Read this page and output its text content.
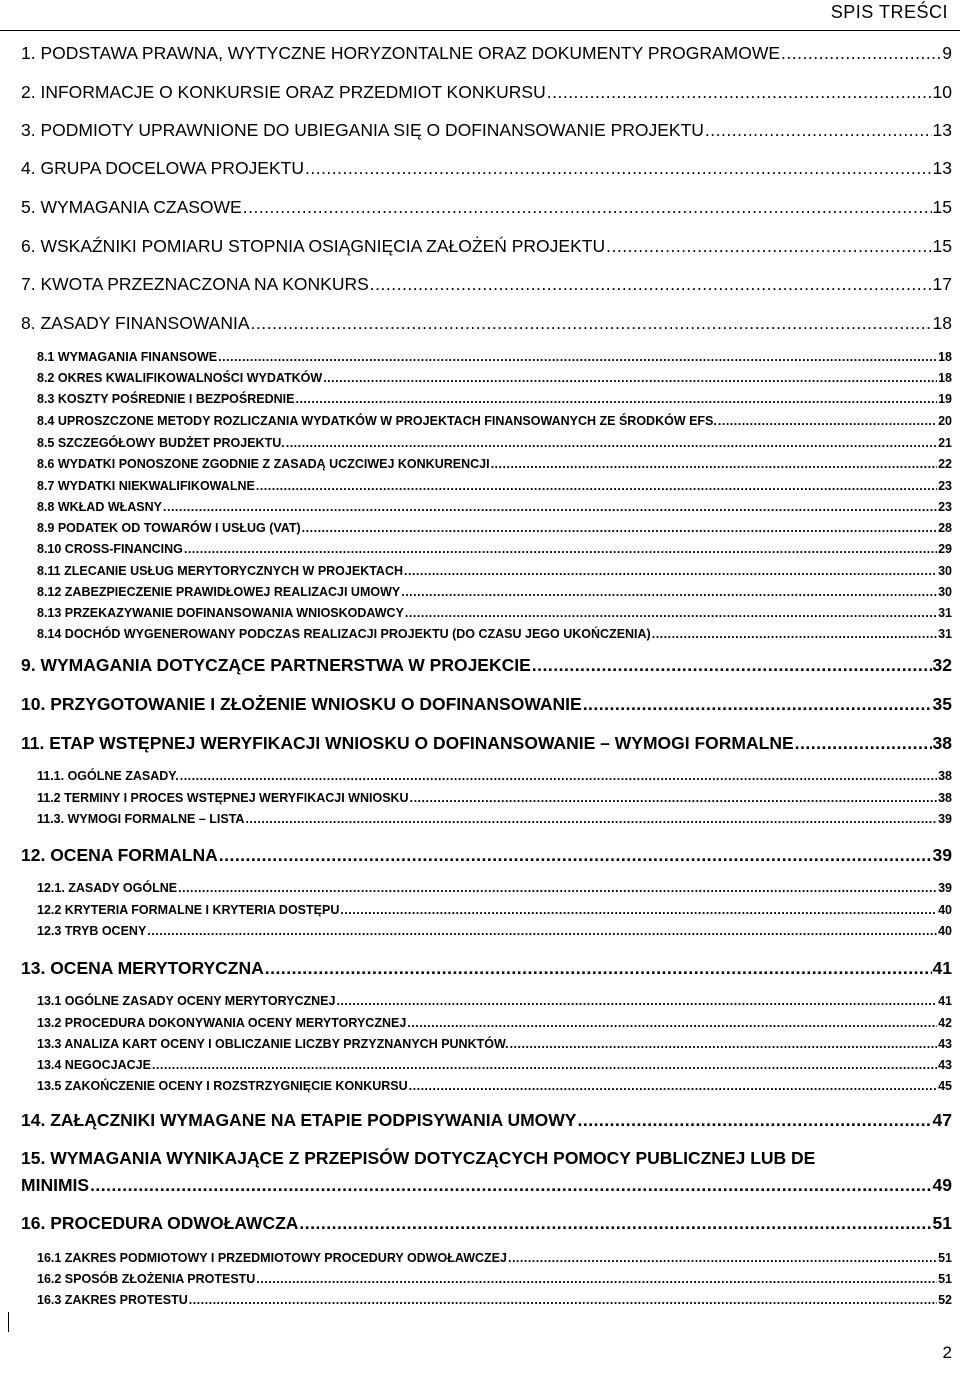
SPIS TREŚCI
1. PODSTAWA PRAWNA, WYTYCZNE HORYZONTALNE ORAZ DOKUMENTY PROGRAMOWE .....	9
2. INFORMACJE O KONKURSIE ORAZ PRZEDMIOT KONKURSU .....	10
3. PODMIOTY UPRAWNIONE DO UBIEGANIA SIĘ O DOFINANSOWANIE PROJEKTU .....	13
4. GRUPA DOCELOWA PROJEKTU .....	13
5. WYMAGANIA CZASOWE .....	15
6. WSKAŹNIKI POMIARU STOPNIA OSIĄGNIĘCIA ZAŁOŻEŃ PROJEKTU .....	15
7. KWOTA PRZEZNACZONA NA KONKURS .....	17
8. ZASADY FINANSOWANIA .....	18
8.1 WYMAGANIA FINANSOWE .....	18
8.2 OKRES KWALIFIKOWALNOŚCI WYDATKÓW .....	18
8.3 KOSZTY POŚREDNIE I BEZPOŚREDNIE .....	19
8.4 UPROSZCZONE METODY ROZLICZANIA WYDATKÓW W PROJEKTACH FINANSOWANYCH ZE ŚRODKÓW EFS. .....	20
8.5 SZCZEGÓŁOWY BUDŻET PROJEKTU. .....	21
8.6 WYDATKI PONOSZONE ZGODNIE Z ZASADĄ UCZCIWEJ KONKURENCJI .....	22
8.7 WYDATKI NIEKWALIFIKOWALNE .....	23
8.8 WKŁAD WŁASNY .....	23
8.9 PODATEK OD TOWARÓW I USŁUG (VAT) .....	28
8.10 CROSS-FINANCING .....	29
8.11 ZLECANIE USŁUG MERYTORYCZNYCH W PROJEKTACH .....	30
8.12 ZABEZPIECZENIE PRAWIDŁOWEJ REALIZACJI UMOWY .....	30
8.13 PRZEKAZYWANIE DOFINANSOWANIA WNIOSKODAWCY .....	31
8.14 DOCHÓD WYGENEROWANY PODCZAS REALIZACJI PROJEKTU (DO CZASU JEGO UKOŃCZENIA) .....	31
9. WYMAGANIA DOTYCZĄCE PARTNERSTWA W PROJEKCIE .....	32
10. PRZYGOTOWANIE I ZŁOŻENIE WNIOSKU O DOFINANSOWANIE .....	35
11. ETAP WSTĘPNEJ WERYFIKACJI WNIOSKU O DOFINANSOWANIE – WYMOGI FORMALNE .....	38
11.1. OGÓLNE ZASADY. .....	38
11.2 TERMINY I PROCES WSTĘPNEJ WERYFIKACJI WNIOSKU .....	38
11.3. WYMOGI FORMALNE – LISTA .....	39
12. OCENA FORMALNA .....	39
12.1. ZASADY OGÓLNE .....	39
12.2 KRYTERIA FORMALNE I KRYTERIA DOSTĘPU .....	40
12.3 TRYB OCENY .....	40
13. OCENA MERYTORYCZNA .....	41
13.1 OGÓLNE ZASADY OCENY MERYTORYCZNEJ .....	41
13.2 PROCEDURA DOKONYWANIA OCENY MERYTORYCZNEJ .....	42
13.3 ANALIZA KART OCENY I OBLICZANIE LICZBY PRZYZNANYCH PUNKTÓW. .....	43
13.4 NEGOCJACJE .....	43
13.5 ZAKOŃCZENIE OCENY I ROZSTRZYGNIĘCIE KONKURSU .....	45
14. ZAŁĄCZNIKI WYMAGANE NA ETAPIE PODPISYWANIA UMOWY .....	47
15. WYMAGANIA WYNIKAJĄCE Z PRZEPISÓW DOTYCZĄCYCH POMOCY PUBLICZNEJ LUB DE
MINIMIS .....	49
16. PROCEDURA ODWOŁAWCZA .....	51
16.1 ZAKRES PODMIOTOWY I PRZEDMIOTOWY PROCEDURY ODWOŁAWCZEJ .....	51
16.2 SPOSÓB ZŁOŻENIA PROTESTU .....	51
16.3 ZAKRES PROTESTU .....	52
2
